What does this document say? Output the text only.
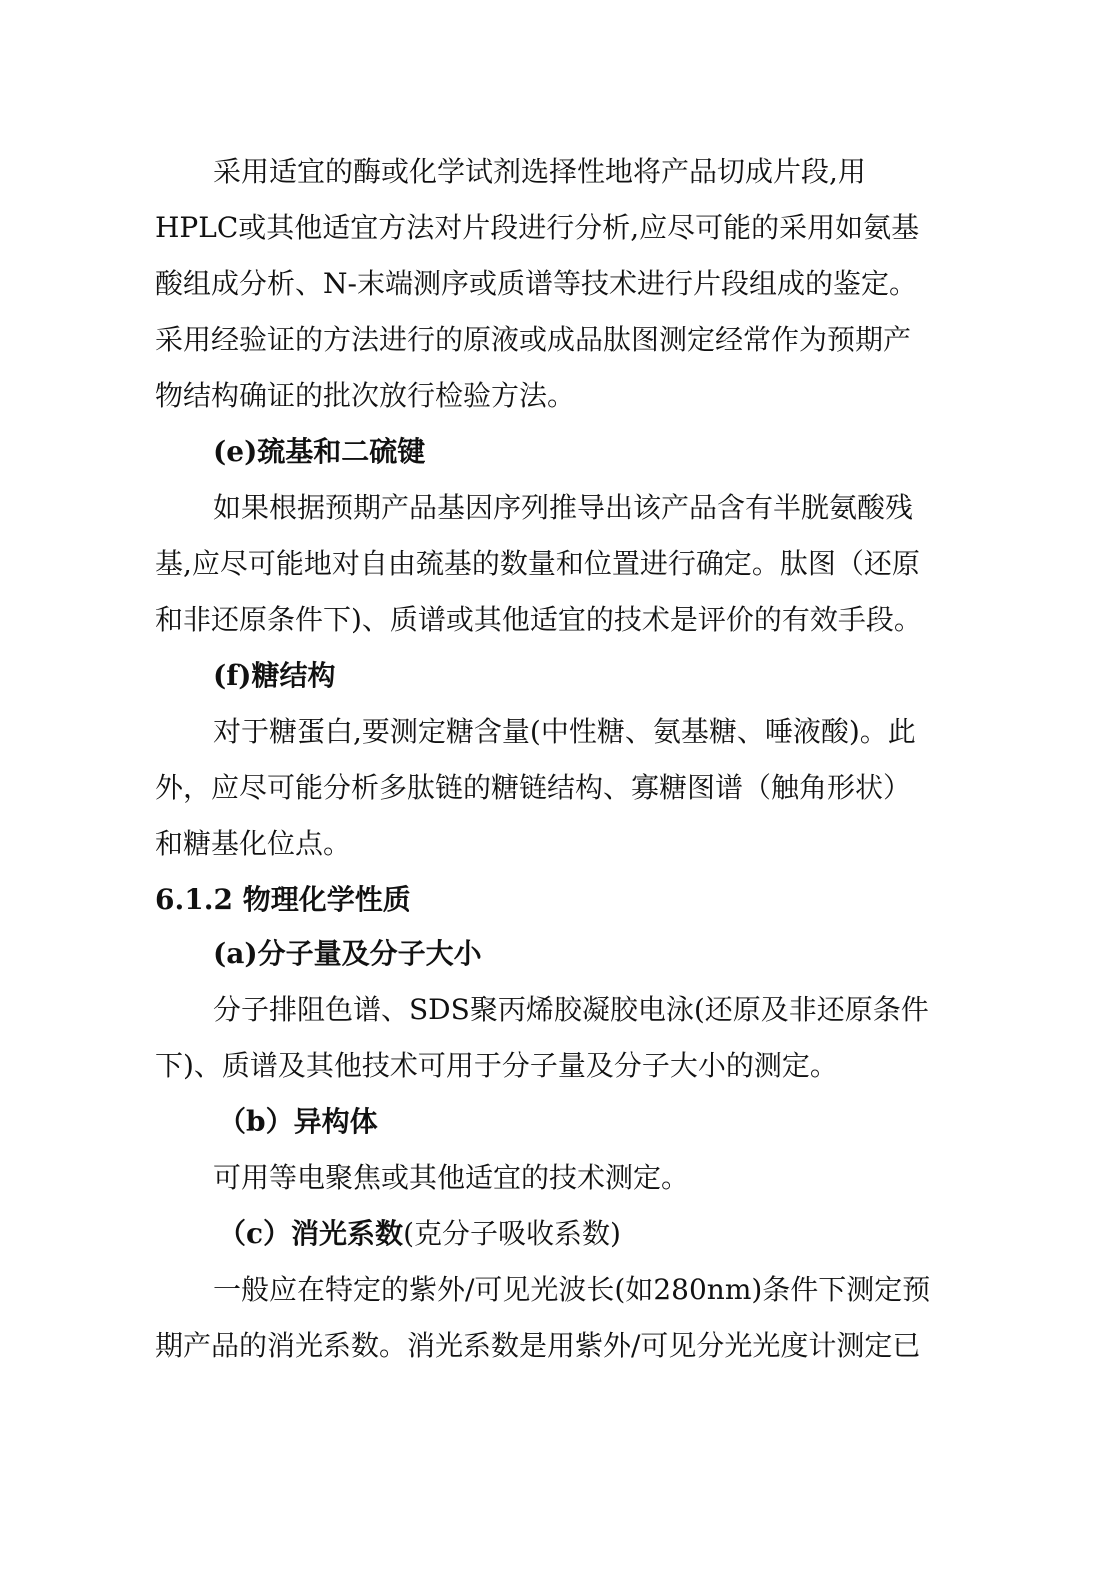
采用适宜的酶或化学试剂选择性地将产品切成片段,用
HPLC或其他适宜方法对片段进行分析,应尽可能的采用如氨基
酸组成分析、N-末端测序或质谱等技术进行片段组成的鉴定。
采用经验证的方法进行的原液或成品肽图测定经常作为预期产
物结构确证的批次放行检验方法。
(e)巯基和二硫键
如果根据预期产品基因序列推导出该产品含有半胱氨酸残
基,应尽可能地对自由巯基的数量和位置进行确定。肽图（还原
和非还原条件下)、质谱或其他适宜的技术是评价的有效手段。
(f)糖结构
对于糖蛋白,要测定糖含量(中性糖、氨基糖、唾液酸)。此
外，应尽可能分析多肽链的糖链结构、寡糖图谱（触角形状）
和糖基化位点。
6.1.2 物理化学性质
(a)分子量及分子大小
分子排阻色谱、SDS聚丙烯胶凝胶电泳(还原及非还原条件
下)、质谱及其他技术可用于分子量及分子大小的测定。
（b）异构体
可用等电聚焦或其他适宜的技术测定。
（c）消光系数(克分子吸收系数)
一般应在特定的紫外/可见光波长(如280nm)条件下测定预
期产品的消光系数。消光系数是用紫外/可见分光光度计测定已
